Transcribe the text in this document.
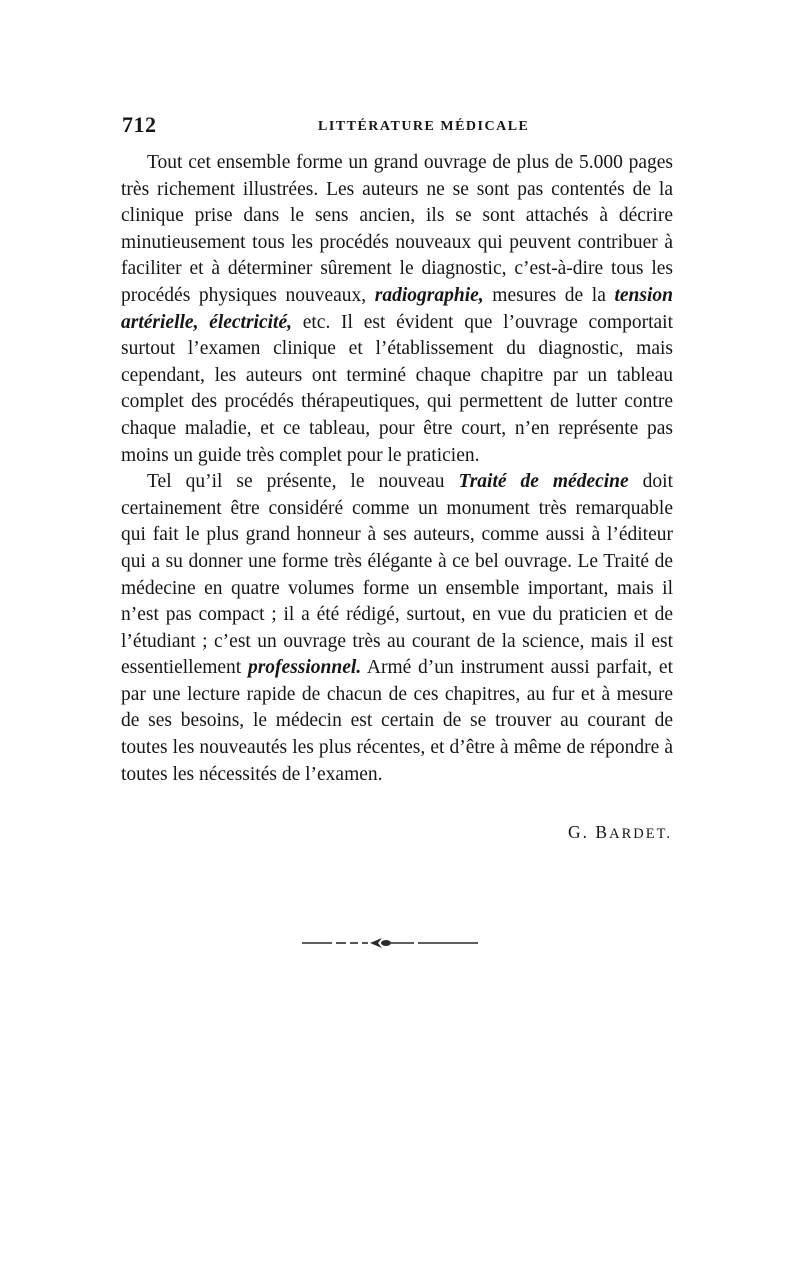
712	LITTÉRATURE MÉDICALE

Tout cet ensemble forme un grand ouvrage de plus de 5.000 pages très richement illustrées. Les auteurs ne se sont pas contentés de la clinique prise dans le sens ancien, ils se sont attachés à décrire minutieusement tous les procédés nouveaux qui peuvent contribuer à faciliter et à déterminer sûrement le diagnostic, c’est-à-dire tous les procédés physiques nouveaux, radiographie, mesures de la tension artérielle, électricité, etc. Il est évident que l’ouvrage comportait surtout l’examen clinique et l’établissement du diagnostic, mais cependant, les auteurs ont terminé chaque chapitre par un tableau complet des procédés thérapeutiques, qui permettent de lutter contre chaque maladie, et ce tableau, pour être court, n’en représente pas moins un guide très complet pour le praticien.

Tel qu’il se présente, le nouveau Traité de médecine doit certainement être considéré comme un monument très remarquable qui fait le plus grand honneur à ses auteurs, comme aussi à l’éditeur qui a su donner une forme très élégante à ce bel ouvrage. Le Traité de médecine en quatre volumes forme un ensemble important, mais il n’est pas compact ; il a été rédigé, surtout, en vue du praticien et de l’étudiant ; c’est un ouvrage très au courant de la science, mais il est essentiellement professionnel. Armé d’un instrument aussi parfait, et par une lecture rapide de chacun de ces chapitres, au fur et à mesure de ses besoins, le médecin est certain de se trouver au courant de toutes les nouveautés les plus récentes, et d’être à même de répondre à toutes les nécessités de l’examen.

G. BARDET.
